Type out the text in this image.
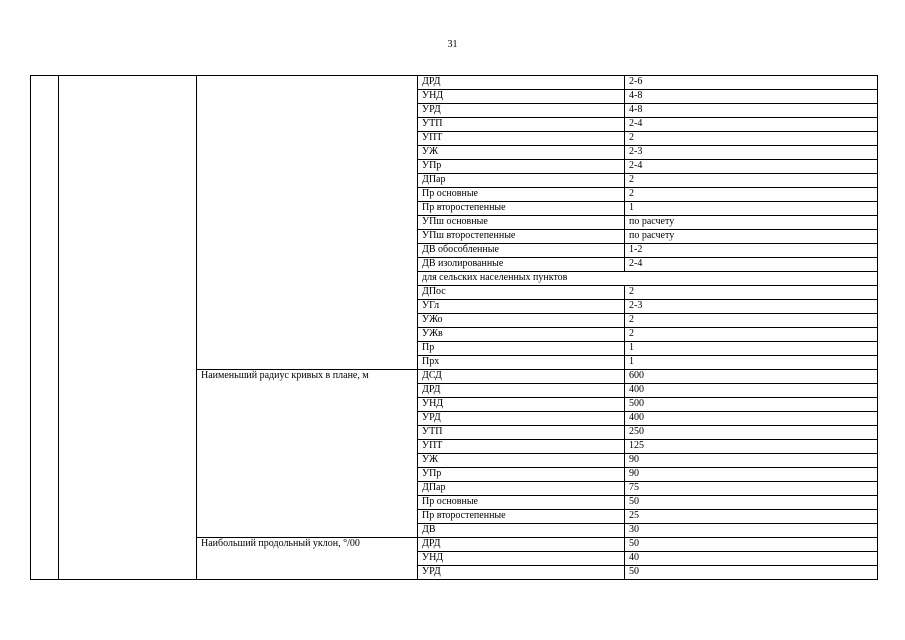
31
			ДРД	2-6
			УНД	4-8
			УРД	4-8
			УТП	2-4
			УПТ	2
			УЖ	2-3
			УПр	2-4
			ДПар	2
			Пр основные	2
			Пр второстепенные	1
			УПш основные	по расчету
			УПш второстепенные	по расчету
			ДВ обособленные	1-2
			ДВ изолированные	2-4
			для сельских населенных пунктов	
			ДПос	2
			УГл	2-3
			УЖо	2
			УЖв	2
			Пр	1
			Прх	1
		Наименьший радиус кривых в плане, м	ДСД	600
			ДРД	400
			УНД	500
			УРД	400
			УТП	250
			УПТ	125
			УЖ	90
			УПр	90
			ДПар	75
			Пр основные	50
			Пр второстепенные	25
			ДВ	30
		Наибольший продольный уклон, °/00	ДРД	50
			УНД	40
			УРД	50
